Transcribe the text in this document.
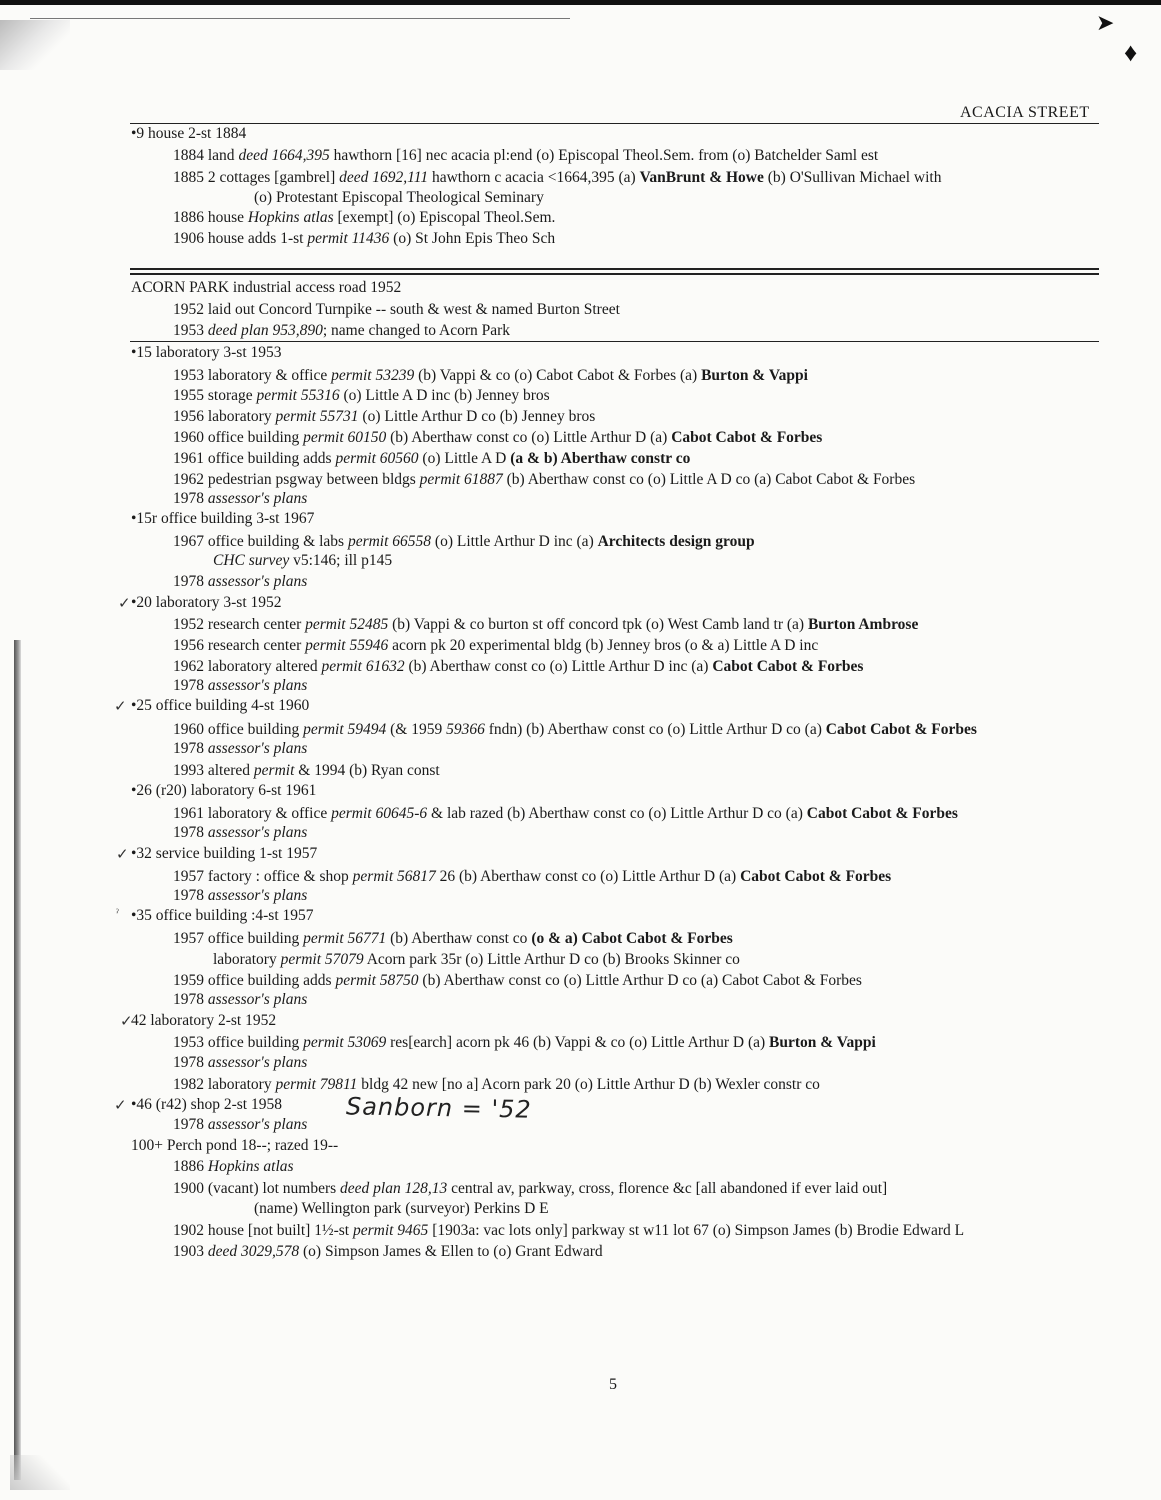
➤
♦
ACACIA STREET
•9 house 2-st 1884
1884 land deed 1664,395 hawthorn [16] nec acacia pl:end (o) Episcopal Theol.Sem. from (o) Batchelder Saml est
1885 2 cottages [gambrel] deed 1692,111 hawthorn c acacia <1664,395 (a) VanBrunt & Howe (b) O'Sullivan Michael with
(o) Protestant Episcopal Theological Seminary
1886 house Hopkins atlas [exempt] (o) Episcopal Theol.Sem.
1906 house adds 1-st permit 11436 (o) St John Epis Theo Sch
ACORN PARK industrial access road 1952
1952 laid out Concord Turnpike -- south & west & named Burton Street
1953 deed plan 953,890; name changed to Acorn Park
•15 laboratory 3-st 1953
1953 laboratory & office permit 53239 (b) Vappi & co (o) Cabot Cabot & Forbes (a) Burton & Vappi
1955 storage permit 55316 (o) Little A D inc (b) Jenney bros
1956 laboratory permit 55731 (o) Little Arthur D co (b) Jenney bros
1960 office building permit 60150 (b) Aberthaw const co (o) Little Arthur D (a) Cabot Cabot & Forbes
1961 office building adds permit 60560 (o) Little A D (a & b) Aberthaw constr co
1962 pedestrian psgway between bldgs permit 61887 (b) Aberthaw const co (o) Little A D co (a) Cabot Cabot & Forbes
1978 assessor's plans
•15r office building 3-st 1967
1967 office building & labs permit 66558 (o) Little Arthur D inc (a) Architects design group
CHC survey v5:146; ill p145
1978 assessor's plans
•20 laboratory 3-st 1952
1952 research center permit 52485 (b) Vappi & co burton st off concord tpk (o) West Camb land tr (a) Burton Ambrose
1956 research center permit 55946 acorn pk 20 experimental bldg (b) Jenney bros (o & a) Little A D inc
1962 laboratory altered permit 61632 (b) Aberthaw const co (o) Little Arthur D inc (a) Cabot Cabot & Forbes
1978 assessor's plans
•25 office building 4-st 1960
1960 office building permit 59494 (& 1959 59366 fndn) (b) Aberthaw const co (o) Little Arthur D co (a) Cabot Cabot & Forbes
1978 assessor's plans
1993 altered permit & 1994 (b) Ryan const
•26 (r20) laboratory 6-st 1961
1961 laboratory & office permit 60645-6 & lab razed (b) Aberthaw const co (o) Little Arthur D co (a) Cabot Cabot & Forbes
1978 assessor's plans
•32 service building 1-st 1957
1957 factory : office & shop permit 56817 26 (b) Aberthaw const co (o) Little Arthur D (a) Cabot Cabot & Forbes
1978 assessor's plans
•35 office building :4-st 1957
1957 office building permit 56771 (b) Aberthaw const co (o & a) Cabot Cabot & Forbes
laboratory permit 57079 Acorn park 35r (o) Little Arthur D co (b) Brooks Skinner co
1959 office building adds permit 58750 (b) Aberthaw const co (o) Little Arthur D co (a) Cabot Cabot & Forbes
1978 assessor's plans
42 laboratory 2-st 1952
1953 office building permit 53069 res[earch] acorn pk 46 (b) Vappi & co (o) Little Arthur D (a) Burton & Vappi
1978 assessor's plans
1982 laboratory permit 79811 bldg 42 new [no a] Acorn park 20 (o) Little Arthur D (b) Wexler constr co
•46 (r42) shop 2-st 1958
1978 assessor's plans
100+ Perch pond 18--; razed 19--
1886 Hopkins atlas
1900 (vacant) lot numbers deed plan 128,13 central av, parkway, cross, florence &c [all abandoned if ever laid out]
(name) Wellington park (surveyor) Perkins D E
1902 house [not built] 1½-st permit 9465 [1903a: vac lots only] parkway st w11 lot 67 (o) Simpson James (b) Brodie Edward L
1903 deed 3029,578 (o) Simpson James & Ellen to (o) Grant Edward
✓
✓
✓
ˀ
✓
✓	Sanborn = '52
5
